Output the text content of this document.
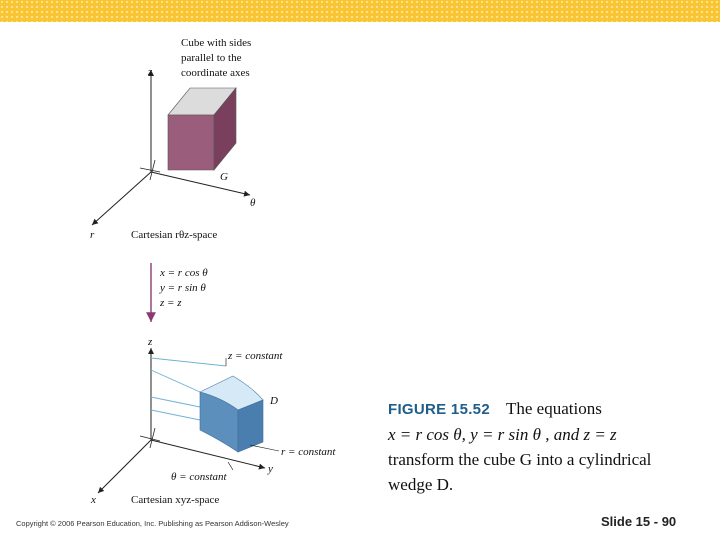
Cube with sides
parallel to the
coordinate axes
z
θ
r
G
Cartesian rθz-space
x = r cos θ
y = r sin θ
z = z
z
y
x
z = constant
D
r = constant
θ = constant
Cartesian xyz-space
FIGURE 15.52 The equations
x = r cos θ, y = r sin θ , and z = z
transform the cube G into a cylindrical
wedge D.
Copyright © 2006 Pearson Education, Inc. Publishing as Pearson Addison-Wesley	Slide 15 - 90
